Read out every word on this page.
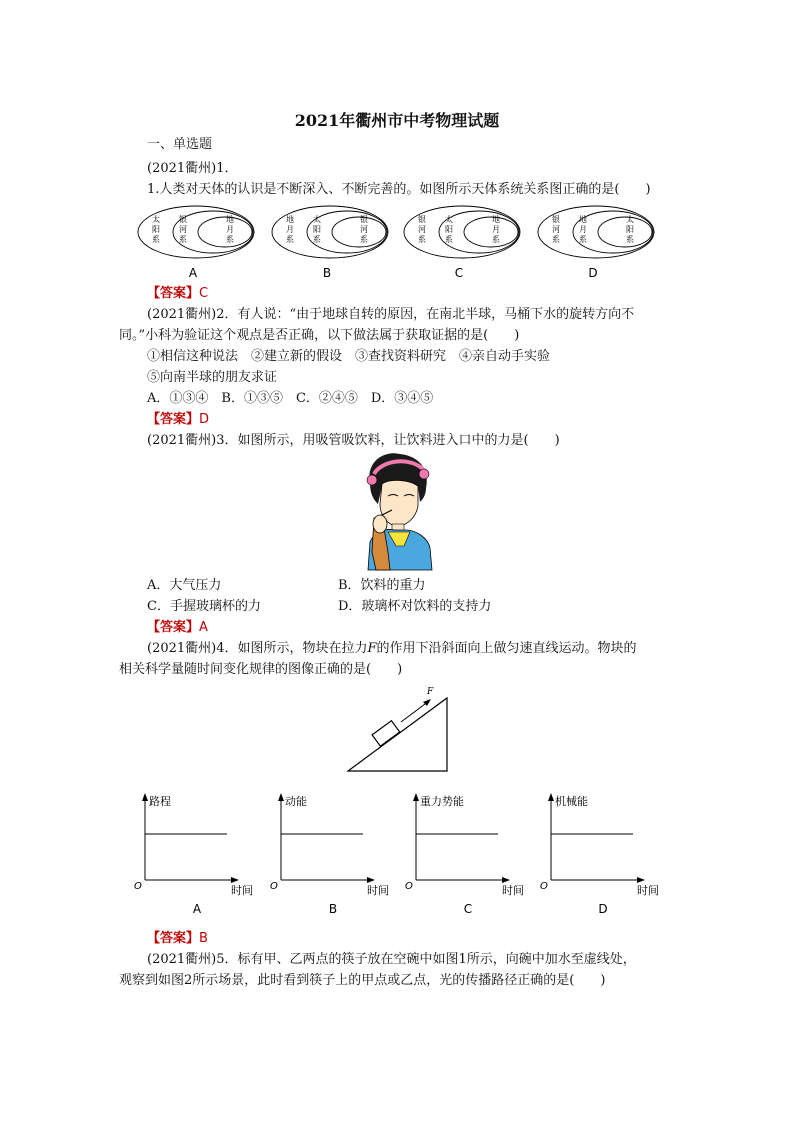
2021年衢州市中考物理试题
一、单选题
(2021衢州)1．
1.人类对天体的认识是不断深入、不断完善的。如图所示天体系统关系图正确的是(　　)
太阳系
银河系
地月系
A
地月系
太阳系
银河系
B
银河系
太阳系
地月系
C
银河系
地月系
太阳系
D
【答案】C
(2021衢州)2．有人说：“由于地球自转的原因，在南北半球，马桶下水的旋转方向不
同。”小科为验证这个观点是否正确，以下做法属于获取证据的是(　　)
①相信这种说法　②建立新的假设　③查找资料研究　④亲自动手实验
⑤向南半球的朋友求证
A．①③④　B．①③⑤　C．②④⑤　D．③④⑤
【答案】D
(2021衢州)3．如图所示，用吸管吸饮料，让饮料进入口中的力是(　　)
A．大气压力	B．饮料的重力
C．手握玻璃杯的力	D．玻璃杯对饮料的支持力
【答案】A
(2021衢州)4．如图所示，物块在拉力F的作用下沿斜面向上做匀速直线运动。物块的
相关科学量随时间变化规律的图像正确的是(　　)
F
路程
时间
O
A
动能
时间
O
B
重力势能
时间
O
C
机械能
时间
O
D
【答案】B
(2021衢州)5．标有甲、乙两点的筷子放在空碗中如图1所示，向碗中加水至虚线处，
观察到如图2所示场景，此时看到筷子上的甲点或乙点，光的传播路径正确的是(　　)
